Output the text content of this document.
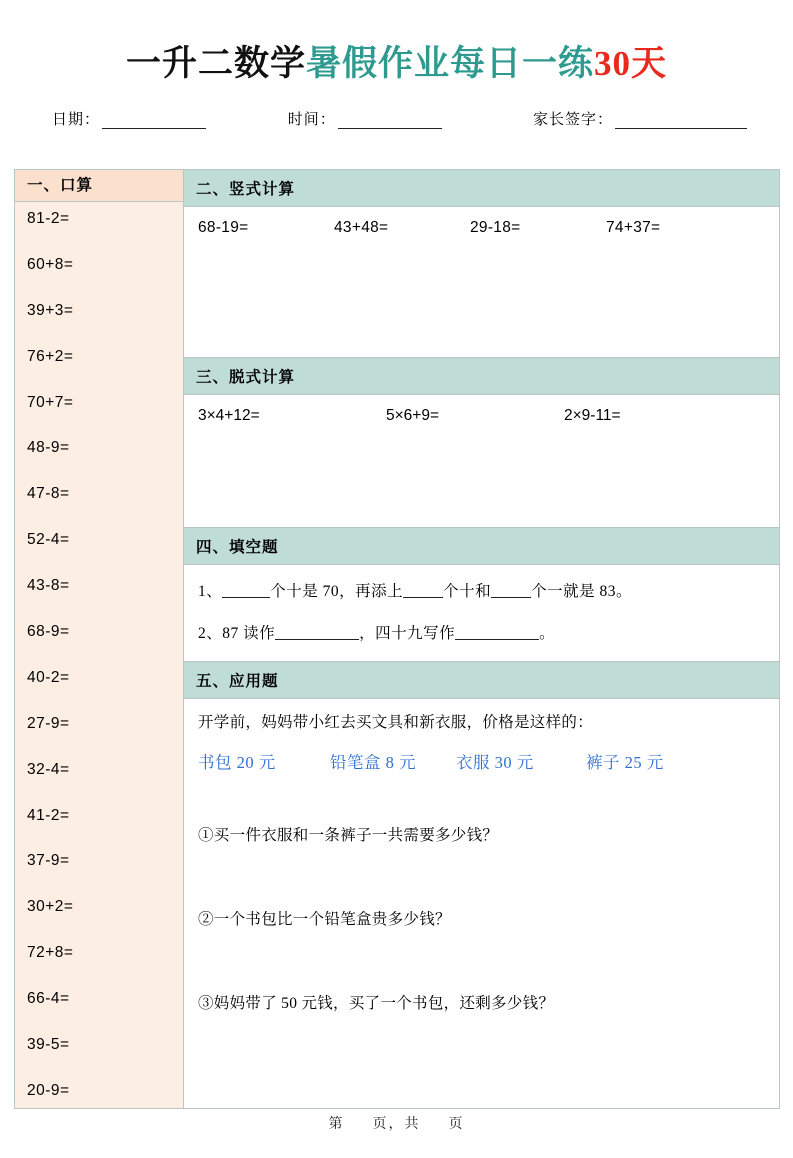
一升二数学暑假作业每日一练30天
日期：	时间：	家长签字：
一、口算
81-2=
60+8=
39+3=
76+2=
70+7=
48-9=
47-8=
52-4=
43-8=
68-9=
40-2=
27-9=
32-4=
41-2=
37-9=
30+2=
72+8=
66-4=
39-5=
20-9=
二、竖式计算
68-19=	43+48=	29-18=	74+37=
三、脱式计算
3×4+12=	5×6+9=	2×9-11=
四、填空题
1、	个十是 70，再添上	个十和	个一就是 83。
2、87 读作	，四十九写作	。
五、应用题
开学前，妈妈带小红去买文具和新衣服，价格是这样的：
书包 20 元	铅笔盒 8 元	衣服 30 元	裤子 25 元
①买一件衣服和一条裤子一共需要多少钱？
②一个书包比一个铅笔盒贵多少钱？
③妈妈带了 50 元钱，买了一个书包，还剩多少钱？
第 页，共 页
